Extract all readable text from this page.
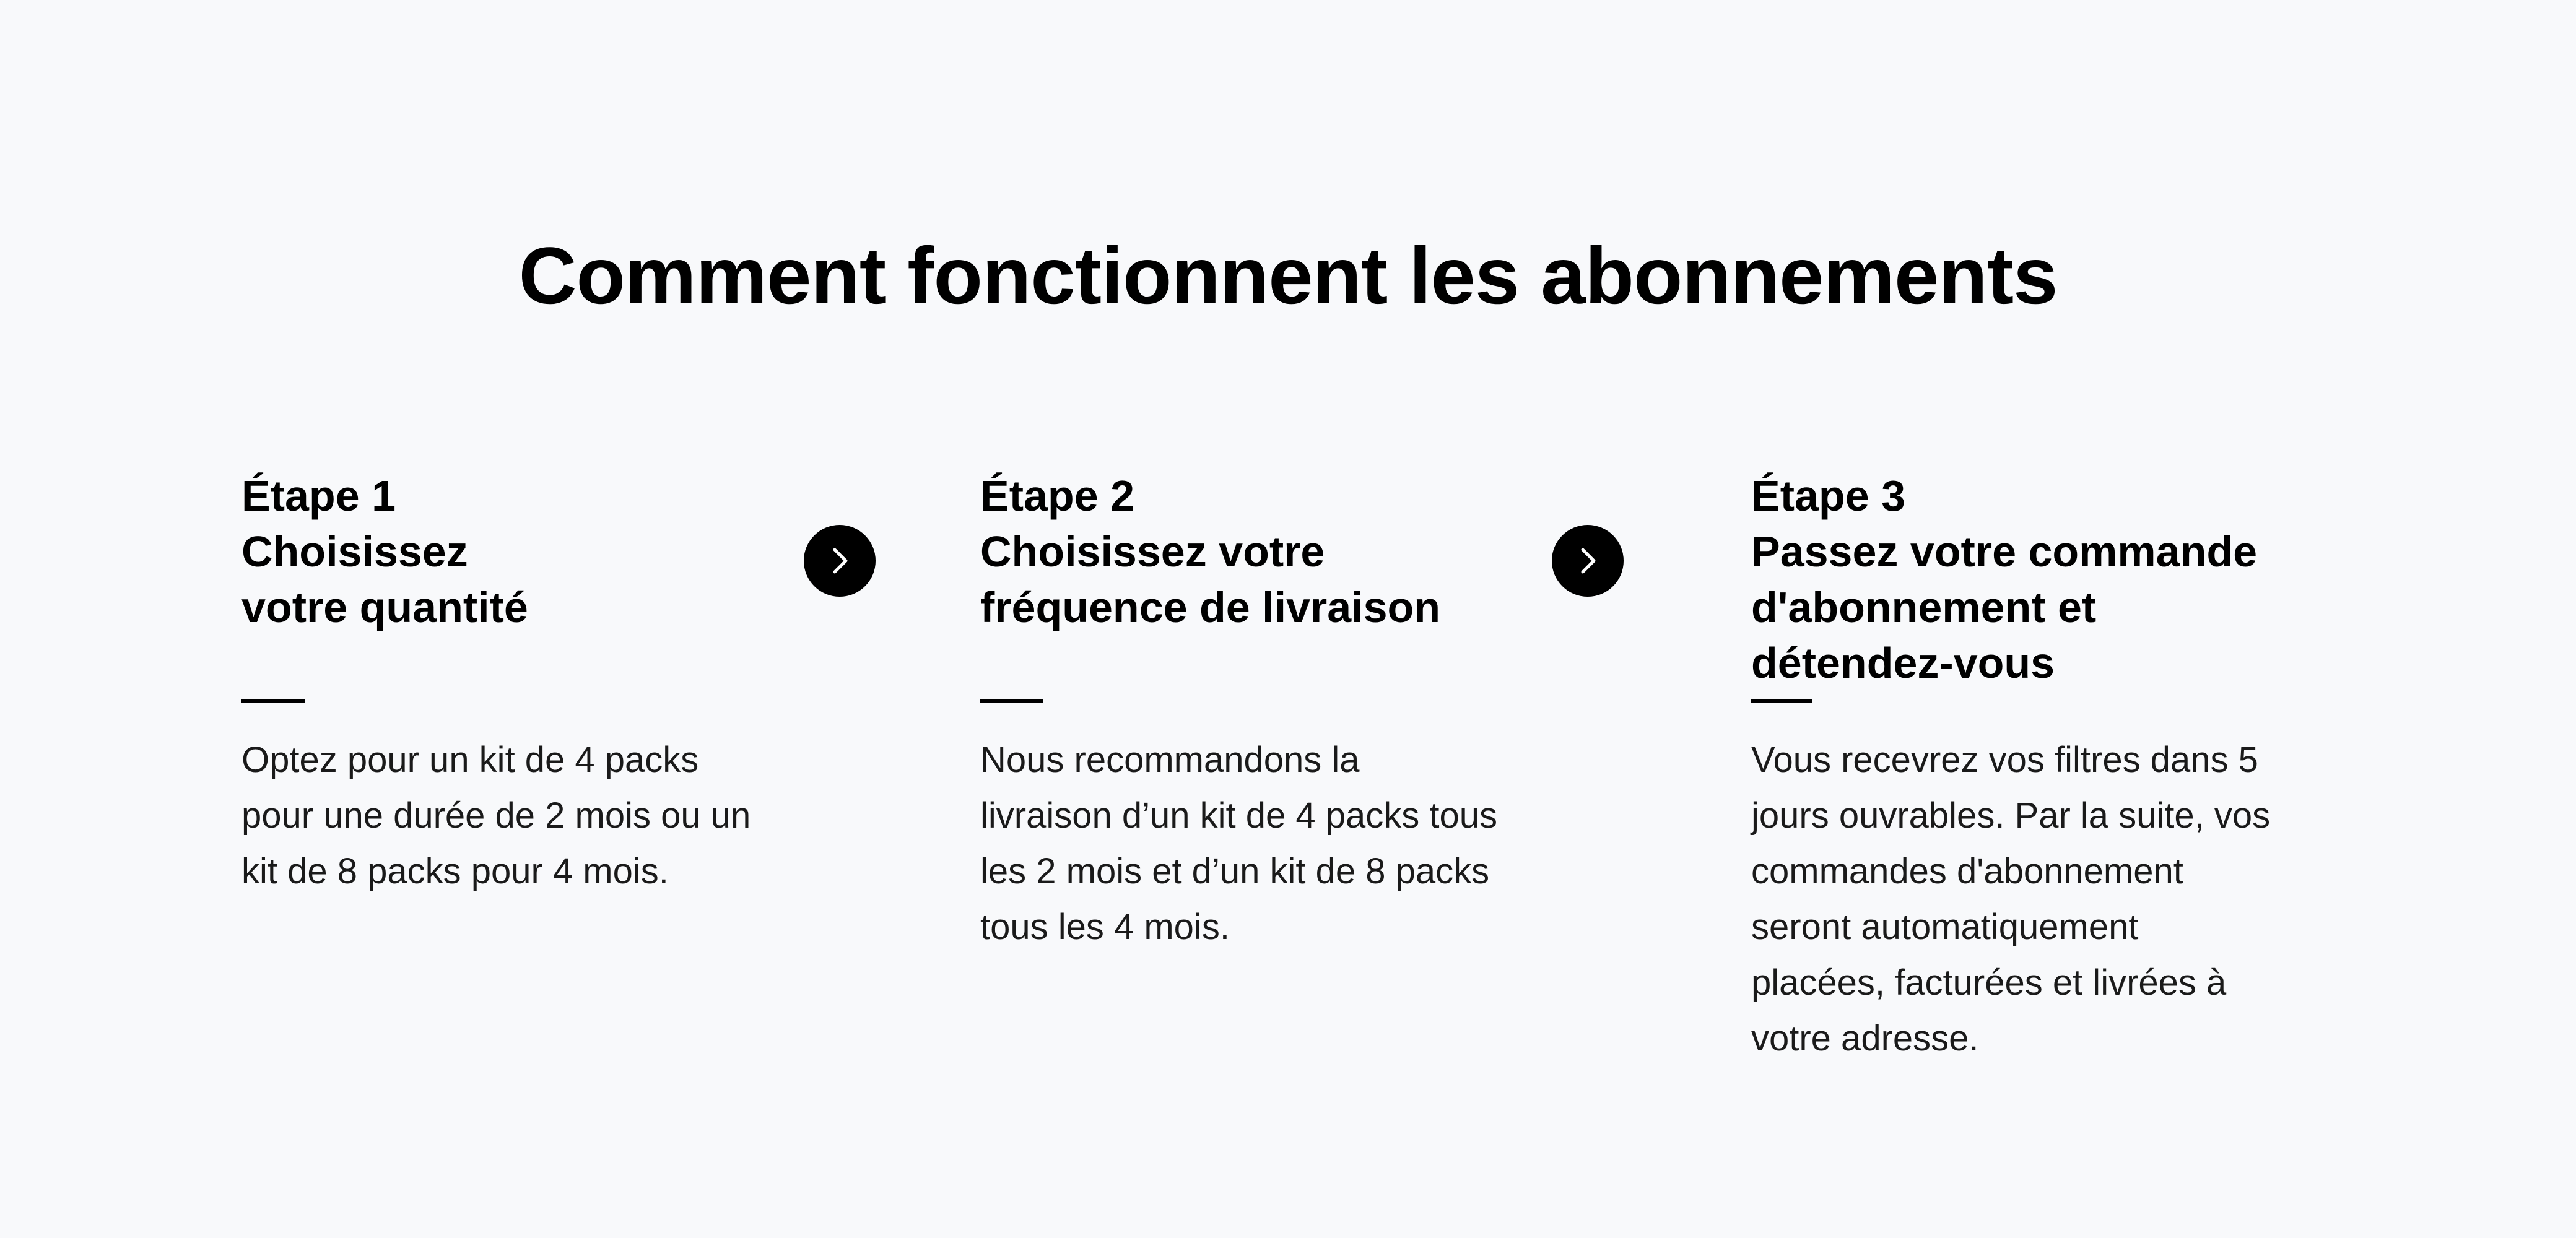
Comment fonctionnent les abonnements
Étape 1
Choisissez
votre quantité
Optez pour un kit de 4 packs
pour une durée de 2 mois ou un
kit de 8 packs pour 4 mois.
Étape 2
Choisissez votre
fréquence de livraison
Nous recommandons la
livraison d’un kit de 4 packs tous
les 2 mois et d’un kit de 8 packs
tous les 4 mois.
Étape 3
Passez votre commande
d'abonnement et
détendez-vous
Vous recevrez vos filtres dans 5
jours ouvrables. Par la suite, vos
commandes d'abonnement
seront automatiquement
placées, facturées et livrées à
votre adresse.
